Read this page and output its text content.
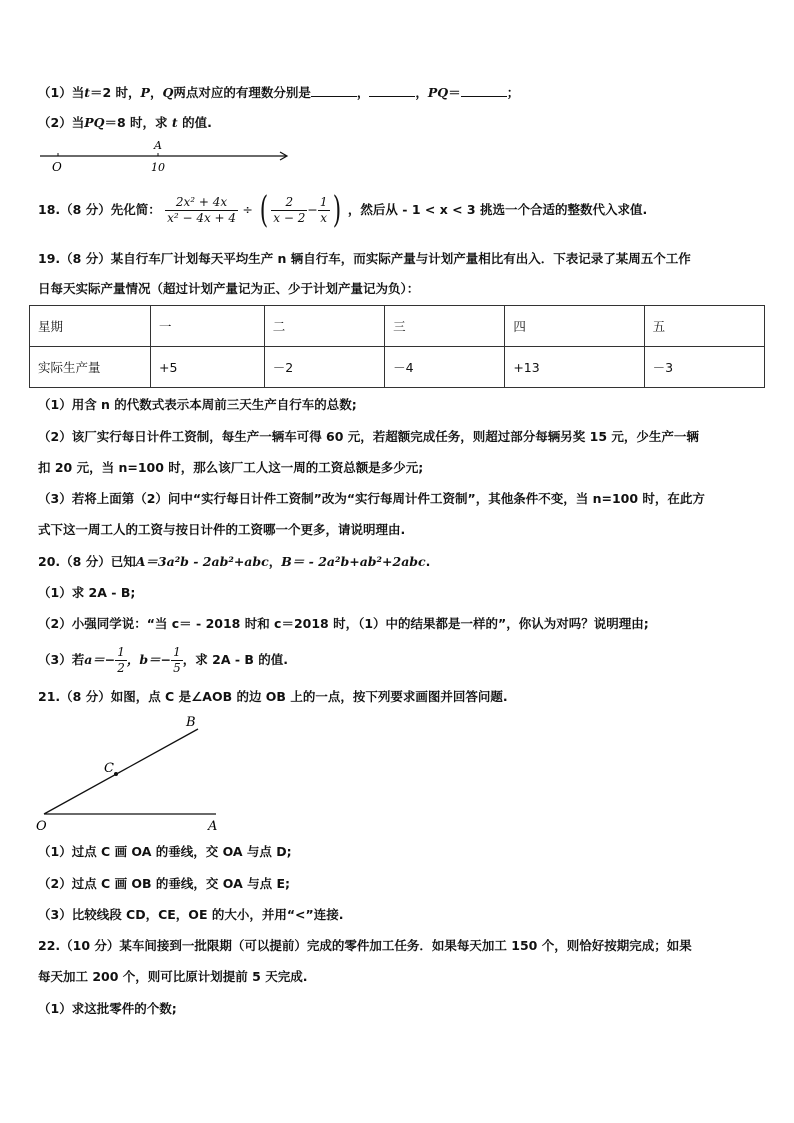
（1）当t＝2 时，P，Q两点对应的有理数分别是	，	，PQ＝	；
（2）当PQ＝8 时，求 t 的值.
O
A
10
18.（8 分）先化简： $\frac{\text{2x² + 4x}}{\text{x² − 4x + 4}}$ ÷ ( $\frac{2}{x - 2} - \frac{1}{x}$ ) ，然后从 - 1 < x < 3 挑选一个合适的整数代入求值.
19.（8 分）某自行车厂计划每天平均生产 n 辆自行车，而实际产量与计划产量相比有出入．下表记录了某周五个工作
日每天实际产量情况（超过计划产量记为正、少于计划产量记为负）：
星期	一	二	三	四	五
实际生产量	+5	－2	－4	+13	－3
（1）用含 n 的代数式表示本周前三天生产自行车的总数;
（2）该厂实行每日计件工资制，每生产一辆车可得 60 元，若超额完成任务，则超过部分每辆另奖 15 元，少生产一辆
扣 20 元，当 n=100 时，那么该厂工人这一周的工资总额是多少元;
（3）若将上面第（2）问中“实行每日计件工资制”改为“实行每周计件工资制”，其他条件不变，当 n=100 时，在此方
式下这一周工人的工资与按日计件的工资哪一个更多，请说明理由.
20.（8 分）已知A＝3a²b - 2ab²+abc，B＝ - 2a²b+ab²+2abc.
（1）求 2A - B;
（2）小强同学说：“当 c＝ - 2018 时和 c＝2018 时，（1）中的结果都是一样的”，你认为对吗？说明理由;
（3）若$a=- \frac{1}{2}$ ，$b=- \frac{1}{5}$ ，求 2A - B 的值.
21.（8 分）如图，点 C 是∠AOB 的边 OB 上的一点，按下列要求画图并回答问题.
O	A
B
C
（1）过点 C 画 OA 的垂线，交 OA 与点 D;
（2）过点 C 画 OB 的垂线，交 OA 与点 E;
（3）比较线段 CD，CE，OE 的大小，并用“<”连接.
22.（10 分）某车间接到一批限期（可以提前）完成的零件加工任务．如果每天加工 150 个，则恰好按期完成；如果
每天加工 200 个，则可比原计划提前 5 天完成.
（1）求这批零件的个数;
